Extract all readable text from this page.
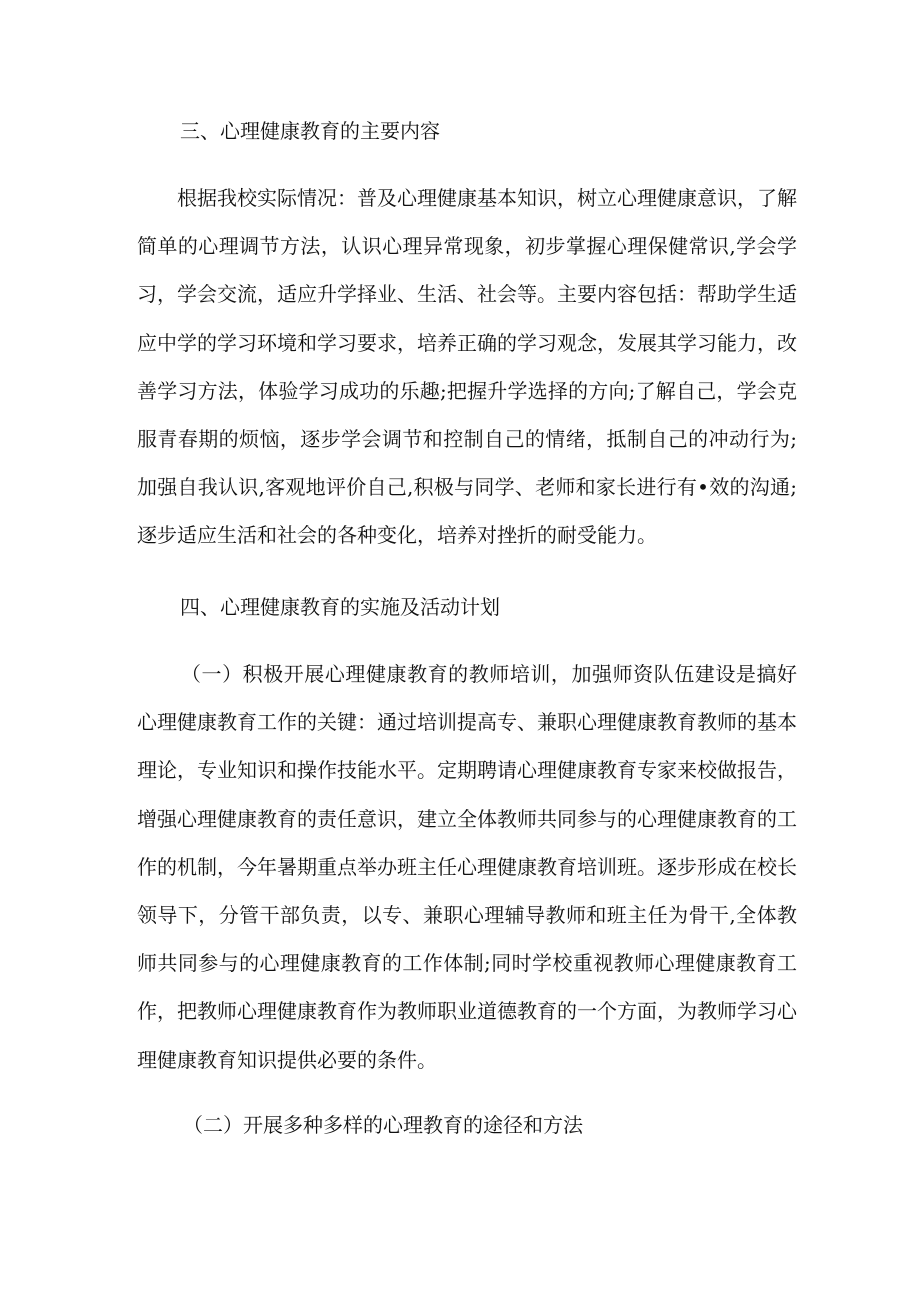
三、心理健康教育的主要内容
根据我校实际情况：普及心理健康基本知识，树立心理健康意识，了解简单的心理调节方法，认识心理异常现象，初步掌握心理保健常识,学会学习，学会交流，适应升学择业、生活、社会等。主要内容包括：帮助学生适应中学的学习环境和学习要求，培养正确的学习观念，发展其学习能力，改善学习方法，体验学习成功的乐趣;把握升学选择的方向;了解自己，学会克服青春期的烦恼，逐步学会调节和控制自己的情绪，抵制自己的冲动行为;加强自我认识,客观地评价自己,积极与同学、老师和家长进行有•效的沟通;逐步适应生活和社会的各种变化，培养对挫折的耐受能力。
四、心理健康教育的实施及活动计划
（一）积极开展心理健康教育的教师培训，加强师资队伍建设是搞好心理健康教育工作的关键：通过培训提高专、兼职心理健康教育教师的基本理论，专业知识和操作技能水平。定期聘请心理健康教育专家来校做报告，增强心理健康教育的责任意识，建立全体教师共同参与的心理健康教育的工作的机制，今年暑期重点举办班主任心理健康教育培训班。逐步形成在校长领导下，分管干部负责，以专、兼职心理辅导教师和班主任为骨干,全体教师共同参与的心理健康教育的工作体制;同时学校重视教师心理健康教育工作，把教师心理健康教育作为教师职业道德教育的一个方面，为教师学习心理健康教育知识提供必要的条件。
（二）开展多种多样的心理教育的途径和方法
